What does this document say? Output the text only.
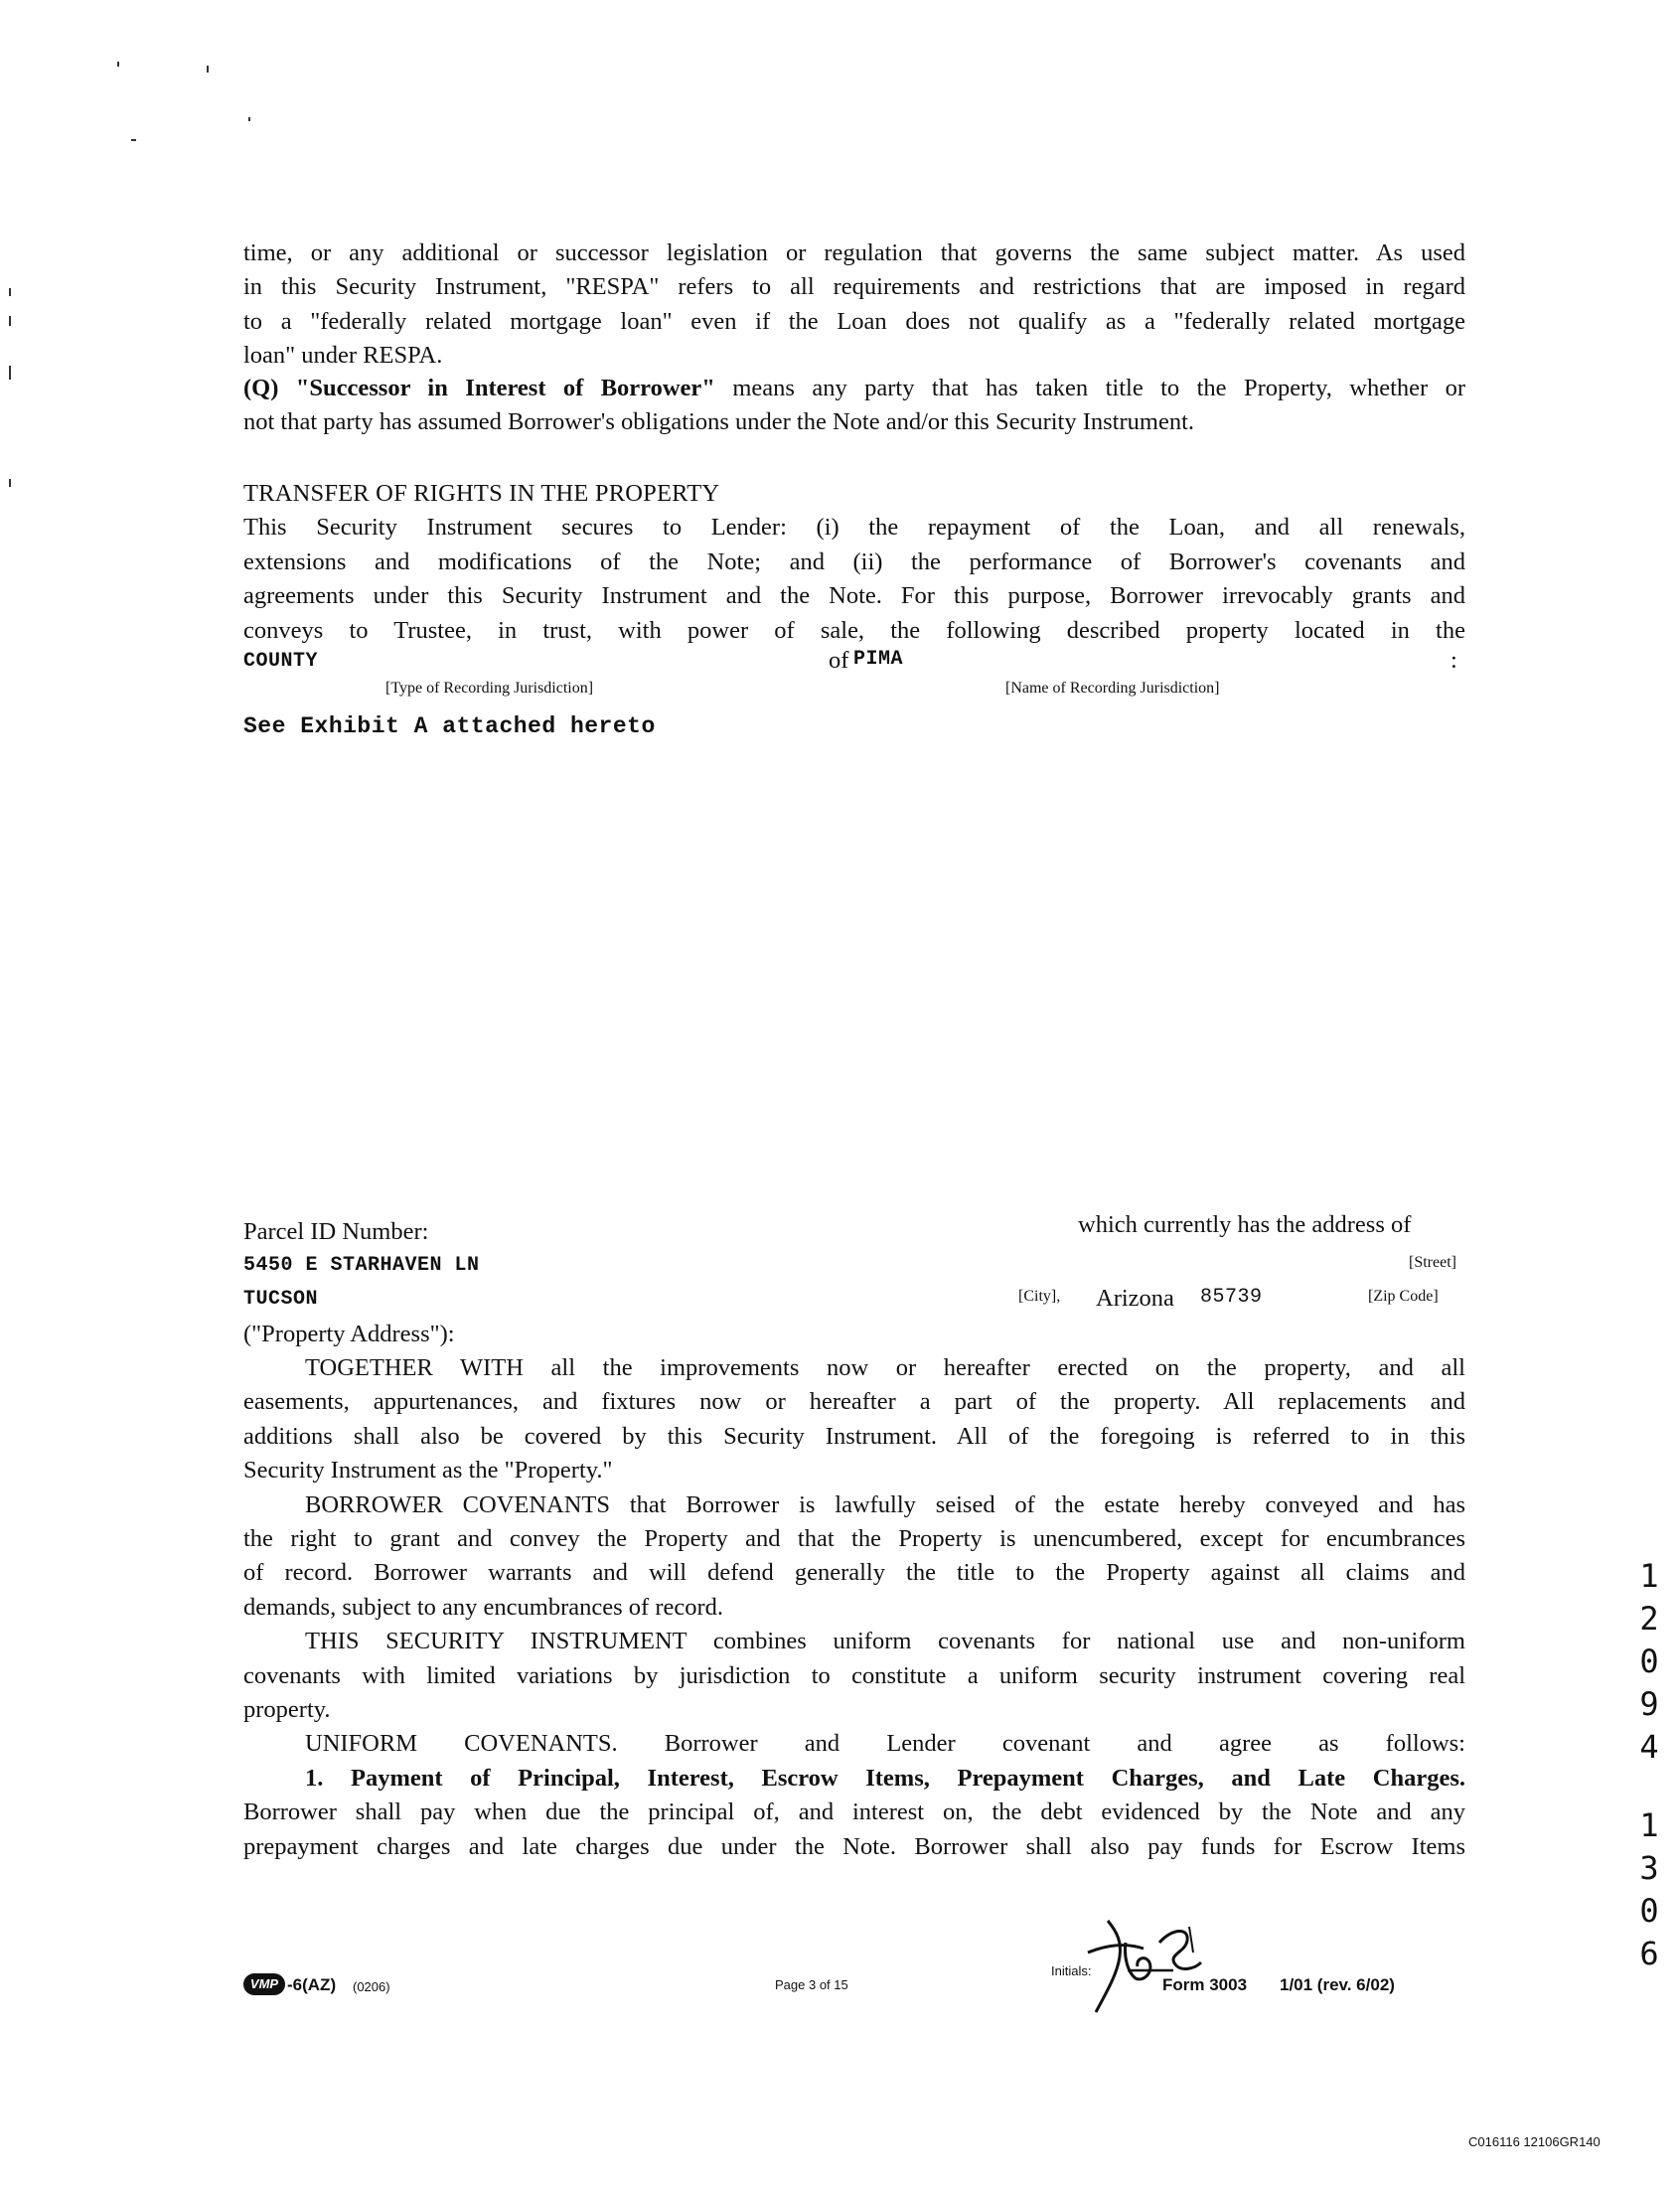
time, or any additional or successor legislation or regulation that governs the same subject matter. As used

in this Security Instrument, "RESPA" refers to all requirements and restrictions that are imposed in regard

to a "federally related mortgage loan" even if the Loan does not qualify as a "federally related mortgage

loan" under RESPA.

(Q) "Successor in Interest of Borrower" means any party that has taken title to the Property, whether or

not that party has assumed Borrower's obligations under the Note and/or this Security Instrument.

TRANSFER OF RIGHTS IN THE PROPERTY

This Security Instrument secures to Lender: (i) the repayment of the Loan, and all renewals,

extensions and modifications of the Note; and (ii) the performance of Borrower's covenants and

agreements under this Security Instrument and the Note. For this purpose, Borrower irrevocably grants and

conveys to Trustee, in trust, with power of sale, the following described property located in the

COUNTY	of PIMA	:
[Type of Recording Jurisdiction]	[Name of Recording Jurisdiction]
See Exhibit A attached hereto
Parcel ID Number:	which currently has the address of
5450 E STARHAVEN LN	[Street]
TUCSON	[City], Arizona 85739	[Zip Code]
("Property Address"):

TOGETHER WITH all the improvements now or hereafter erected on the property, and all

easements, appurtenances, and fixtures now or hereafter a part of the property. All replacements and

additions shall also be covered by this Security Instrument. All of the foregoing is referred to in this

Security Instrument as the "Property."

BORROWER COVENANTS that Borrower is lawfully seised of the estate hereby conveyed and has

the right to grant and convey the Property and that the Property is unencumbered, except for encumbrances

of record. Borrower warrants and will defend generally the title to the Property against all claims and

demands, subject to any encumbrances of record.

THIS SECURITY INSTRUMENT combines uniform covenants for national use and non-uniform

covenants with limited variations by jurisdiction to constitute a uniform security instrument covering real

property.

UNIFORM COVENANTS. Borrower and Lender covenant and agree as follows:

1. Payment of Principal, Interest, Escrow Items, Prepayment Charges, and Late Charges.

Borrower shall pay when due the principal of, and interest on, the debt evidenced by the Note and any

prepayment charges and late charges due under the Note. Borrower shall also pay funds for Escrow Items

VMP -6(AZ) (0206)	Page 3 of 15
Initials:
Form 3003 1/01 (rev. 6/02)
1
2
0
9
4
1
3
0
6
C016116 12106GR140
